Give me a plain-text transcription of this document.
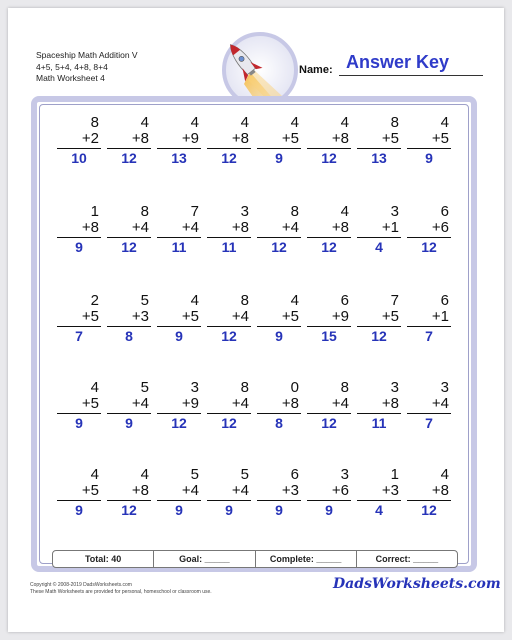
Spaceship Math Addition V
4+5, 5+4, 4+8, 8+4
Math Worksheet 4
Name: Answer Key
8
+2
10
4
+8
12
4
+9
13
4
+8
12
4
+5
9
4
+8
12
8
+5
13
4
+5
9
1
+8
9
8
+4
12
7
+4
11
3
+8
11
8
+4
12
4
+8
12
3
+1
4
6
+6
12
2
+5
7
5
+3
8
4
+5
9
8
+4
12
4
+5
9
6
+9
15
7
+5
12
6
+1
7
4
+5
9
5
+4
9
3
+9
12
8
+4
12
0
+8
8
8
+4
12
3
+8
11
3
+4
7
4
+5
9
4
+8
12
5
+4
9
5
+4
9
6
+3
9
3
+6
9
1
+3
4
4
+8
12
Total: 40	Goal: _____	Complete: _____	Correct: _____
Copyright © 2008-2019 DadsWorksheets.com
These Math Worksheets are provided for personal, homeschool or classroom use.	DadsWorksheets.com
